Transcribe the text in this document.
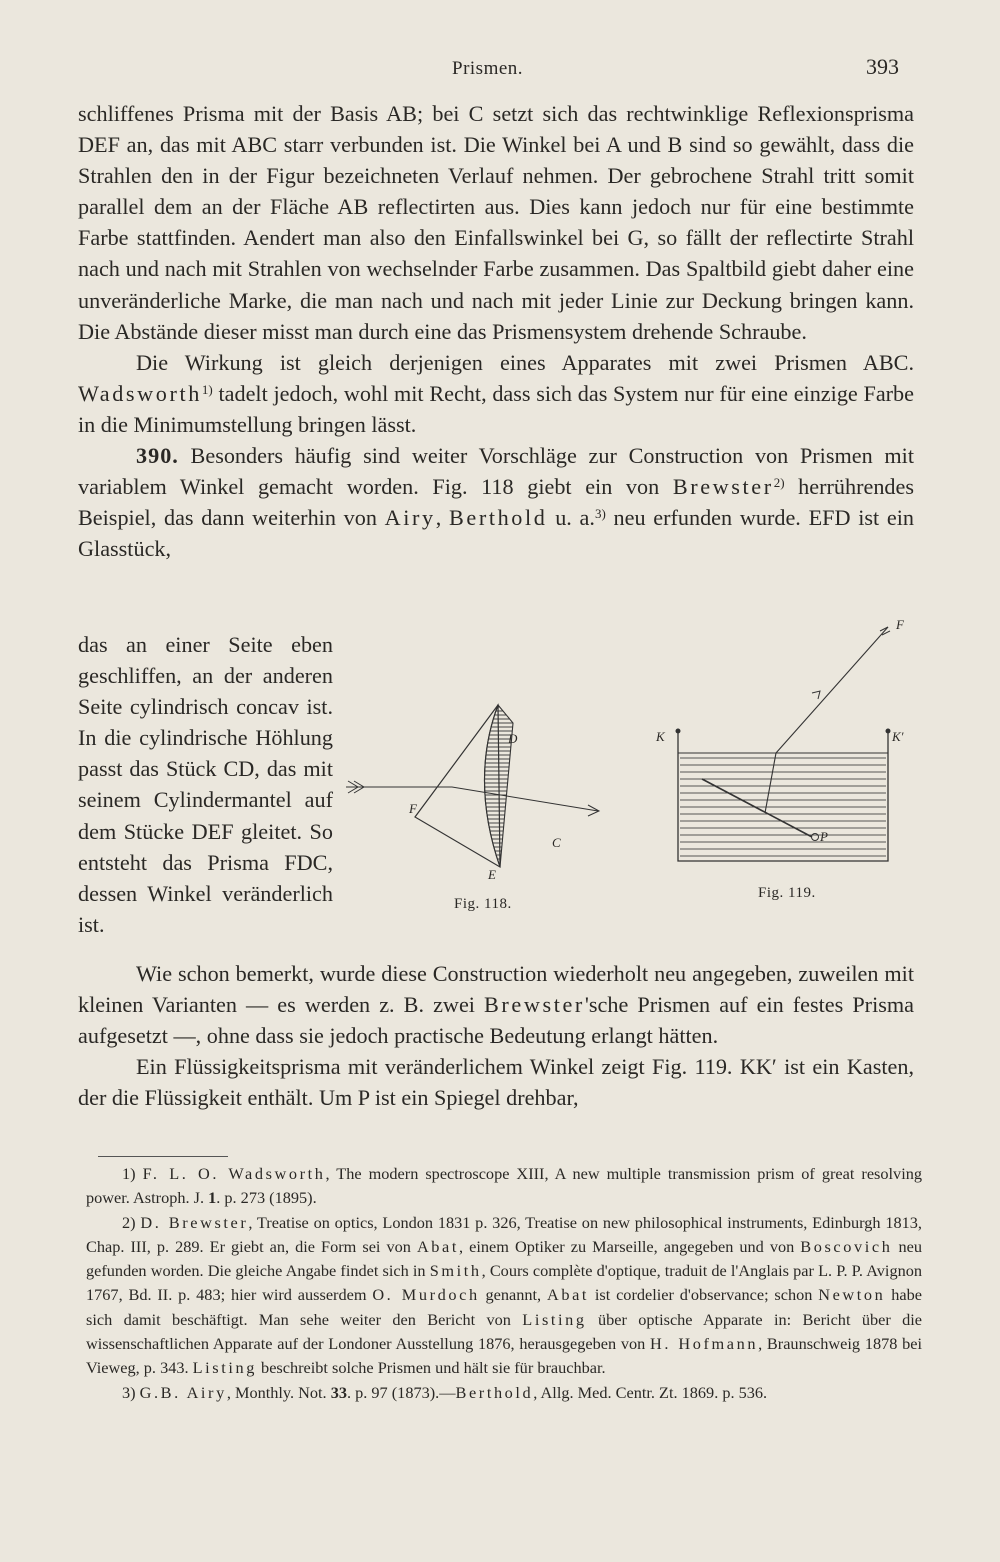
Prismen.	393

schliffenes Prisma mit der Basis AB; bei C setzt sich das rechtwinklige Reflexionsprisma DEF an, das mit ABC starr verbunden ist. Die Winkel bei A und B sind so gewählt, dass die Strahlen den in der Figur bezeichneten Verlauf nehmen. Der gebrochene Strahl tritt somit parallel dem an der Fläche AB reflectirten aus. Dies kann jedoch nur für eine bestimmte Farbe stattfinden. Aendert man also den Einfallswinkel bei G, so fällt der reflectirte Strahl nach und nach mit Strahlen von wechselnder Farbe zusammen. Das Spaltbild giebt daher eine unveränderliche Marke, die man nach und nach mit jeder Linie zur Deckung bringen kann. Die Abstände dieser misst man durch eine das Prismensystem drehende Schraube.

Die Wirkung ist gleich derjenigen eines Apparates mit zwei Prismen ABC. Wadsworth$^{1)}$ tadelt jedoch, wohl mit Recht, dass sich das System nur für eine einzige Farbe in die Minimumstellung bringen lässt.

390. Besonders häufig sind weiter Vorschläge zur Construction von Prismen mit variablem Winkel gemacht worden. Fig. 118 giebt ein von Brewster$^{2)}$ herrührendes Beispiel, das dann weiterhin von Airy, Berthold u. a.$^{3)}$ neu erfunden wurde. EFD ist ein Glasstück,

das an einer Seite eben geschliffen, an der anderen Seite cylindrisch concav ist. In die cylindrische Höhlung passt das Stück CD, das mit seinem Cylindermantel auf dem Stücke DEF gleitet. So entsteht das Prisma FDC, dessen Winkel veränderlich ist.

D
F
C
E
Fig. 118.
F
K	K′
P
Fig. 119.

Wie schon bemerkt, wurde diese Construction wiederholt neu angegeben, zuweilen mit kleinen Varianten — es werden z. B. zwei Brewster'sche Prismen auf ein festes Prisma aufgesetzt —, ohne dass sie jedoch practische Bedeutung erlangt hätten.

Ein Flüssigkeitsprisma mit veränderlichem Winkel zeigt Fig. 119. KK′ ist ein Kasten, der die Flüssigkeit enthält. Um P ist ein Spiegel drehbar,

1) F. L. O. Wadsworth, The modern spectroscope XIII, A new multiple transmission prism of great resolving power. Astroph. J. 1. p. 273 (1895).

2) D. Brewster, Treatise on optics, London 1831 p. 326, Treatise on new philosophical instruments, Edinburgh 1813, Chap. III, p. 289. Er giebt an, die Form sei von Abat, einem Optiker zu Marseille, angegeben und von Boscovich neu gefunden worden. Die gleiche Angabe findet sich in Smith, Cours complète d'optique, traduit de l'Anglais par L. P. P. Avignon 1767, Bd. II. p. 483; hier wird ausserdem O. Murdoch genannt, Abat ist cordelier d'observance; schon Newton habe sich damit beschäftigt. Man sehe weiter den Bericht von Listing über optische Apparate in: Bericht über die wissenschaftlichen Apparate auf der Londoner Ausstellung 1876, herausgegeben von H. Hofmann, Braunschweig 1878 bei Vieweg, p. 343. Listing beschreibt solche Prismen und hält sie für brauchbar.

3) G.B. Airy, Monthly. Not. 33. p. 97 (1873).—Berthold, Allg. Med. Centr. Zt. 1869. p. 536.
